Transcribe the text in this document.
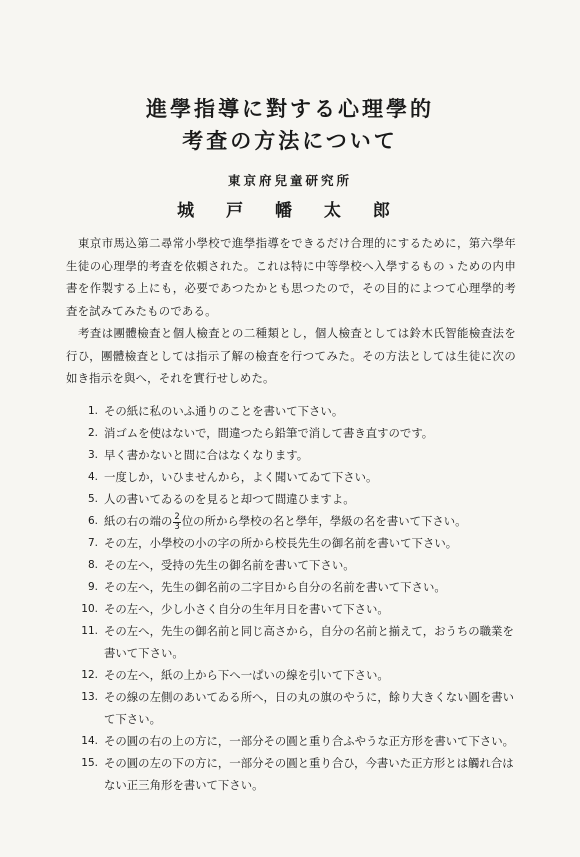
進學指導に對する心理學的
考査の方法について
東京府兒童研究所
城 戸 幡 太 郎
東京市馬込第二尋常小學校で進學指導をできるだけ合理的にするために，第六學年生徒の心理學的考査を依頼された。これは特に中等學校へ入學するものゝための内申書を作製する上にも，必要であつたかとも思つたので，その目的によつて心理學的考査を試みてみたものである。
考査は團體檢査と個人檢査との二種類とし，個人檢査としては鈴木氏智能檢査法を行ひ，團體檢査としては指示了解の檢査を行つてみた。その方法としては生徒に次の如き指示を與へ，それを實行せしめた。
1. その紙に私のいふ通りのことを書いて下さい。
2. 消ゴムを使はないで，間違つたら鉛筆で消して書き直すのです。
3. 早く書かないと間に合はなくなります。
4. 一度しか，いひませんから，よく聞いてゐて下さい。
5. 人の書いてゐるのを見ると却つて間違ひますよ。
6. 紙の右の端の $\frac{2}{3}$ 位の所から學校の名と學年，學級の名を書いて下さい。
7. その左，小學校の小の字の所から校長先生の御名前を書いて下さい。
8. その左へ，受持の先生の御名前を書いて下さい。
9. その左へ，先生の御名前の二字目から自分の名前を書いて下さい。
10. その左へ，少し小さく自分の生年月日を書いて下さい。
11. その左へ，先生の御名前と同じ高さから，自分の名前と揃えて，おうちの職業を書いて下さい。
12. その左へ，紙の上から下へ一ぱいの線を引いて下さい。
13. その線の左側のあいてゐる所へ，日の丸の旗のやうに，餘り大きくない圓を書いて下さい。
14. その圓の右の上の方に，一部分その圓と重り合ふやうな正方形を書いて下さい。
15. その圓の左の下の方に，一部分その圓と重り合ひ，今書いた正方形とは觸れ合はない正三角形を書いて下さい。
